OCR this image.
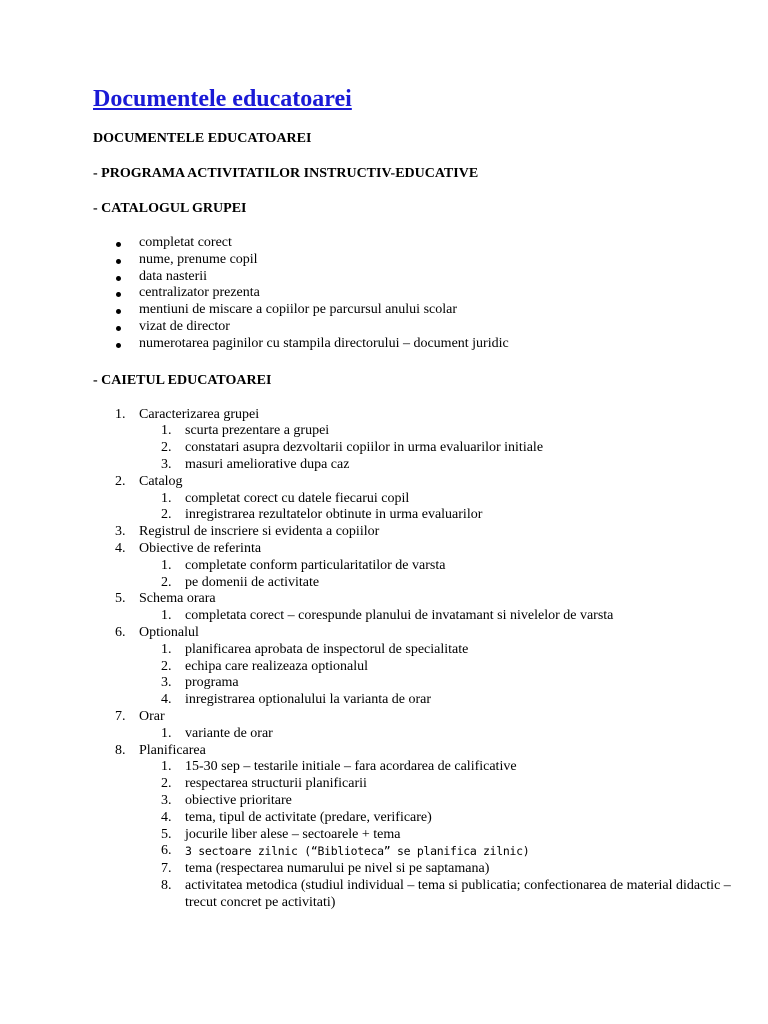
Documentele educatoarei
DOCUMENTELE EDUCATOAREI
- PROGRAMA ACTIVITATILOR INSTRUCTIV-EDUCATIVE
- CATALOGUL GRUPEI
completat corect
nume, prenume copil
data nasterii
centralizator prezenta
mentiuni de miscare a copiilor pe parcursul anului scolar
vizat de director
numerotarea paginilor cu stampila directorului – document juridic
- CAIETUL EDUCATOAREI
1. Caracterizarea grupei
1. scurta prezentare a grupei
2. constatari asupra dezvoltarii copiilor in urma evaluarilor initiale
3. masuri ameliorative dupa caz
2. Catalog
1. completat corect cu datele fiecarui copil
2. inregistrarea rezultatelor obtinute in urma evaluarilor
3. Registrul de inscriere si evidenta a copiilor
4. Obiective de referinta
1. completate conform particularitatilor de varsta
2. pe domenii de activitate
5. Schema orara
1. completata corect – corespunde planului de invatamant si nivelelor de varsta
6. Optionalul
1. planificarea aprobata de inspectorul de specialitate
2. echipa care realizeaza optionalul
3. programa
4. inregistrarea optionalului la varianta de orar
7. Orar
1. variante de orar
8. Planificarea
1. 15-30 sep – testarile initiale – fara acordarea de calificative
2. respectarea structurii planificarii
3. obiective prioritare
4. tema, tipul de activitate (predare, verificare)
5. jocurile liber alese – sectoarele + tema
6. 3 sectoare zilnic (“Biblioteca” se planifica zilnic)
7. tema (respectarea numarului pe nivel si pe saptamana)
8. activitatea metodica (studiul individual – tema si publicatia; confectionarea de material didactic – trecut concret pe activitati)
